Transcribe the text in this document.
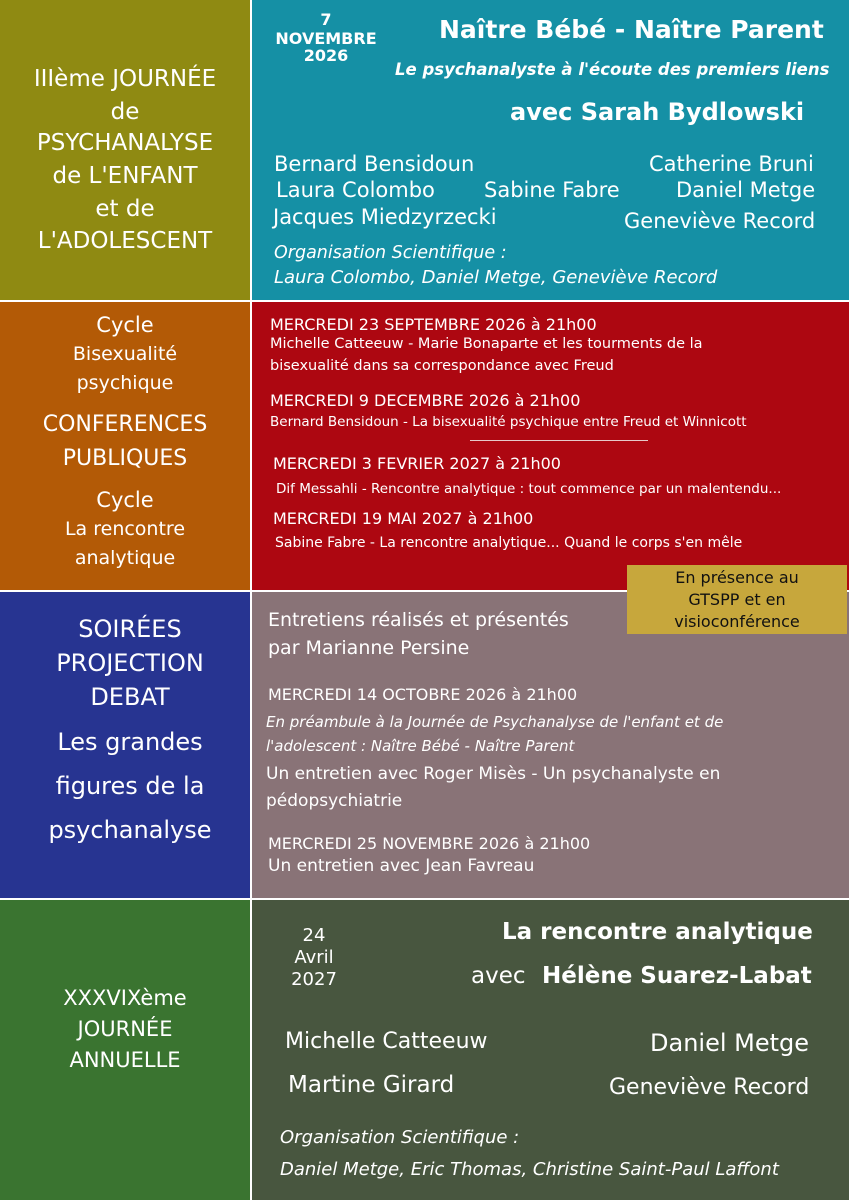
IIIème JOURNÉE
de
PSYCHANALYSE
de L'ENFANT
et de
L'ADOLESCENT
7
NOVEMBRE
2026
Naître Bébé - Naître Parent
Le psychanalyste à l'écoute des premiers liens
avec Sarah Bydlowski
Bernard Bensidoun	Catherine Bruni
Laura Colombo Sabine Fabre	Daniel Metge
Jacques Miedzyrzecki	Geneviève Record
Organisation Scientifique :
Laura Colombo, Daniel Metge, Geneviève Record
Cycle
Bisexualité
psychique
CONFERENCES
PUBLIQUES
Cycle
La rencontre
analytique
MERCREDI 23 SEPTEMBRE 2026 à 21h00
Michelle Catteeuw - Marie Bonaparte et les tourments de la
bisexualité dans sa correspondance avec Freud
MERCREDI 9 DECEMBRE 2026 à 21h00
Bernard Bensidoun - La bisexualité psychique entre Freud et Winnicott
MERCREDI 3 FEVRIER 2027 à 21h00
Dif Messahli - Rencontre analytique : tout commence par un malentendu...
MERCREDI 19 MAI 2027 à 21h00
Sabine Fabre - La rencontre analytique... Quand le corps s'en mêle
SOIRÉES
PROJECTION
DEBAT
Les grandes
figures de la
psychanalyse
Entretiens réalisés et présentés
par Marianne Persine
MERCREDI 14 OCTOBRE 2026 à 21h00
En préambule à la Journée de Psychanalyse de l'enfant et de
l'adolescent : Naître Bébé - Naître Parent
Un entretien avec Roger Misès - Un psychanalyste en
pédopsychiatrie
MERCREDI 25 NOVEMBRE 2026 à 21h00
Un entretien avec Jean Favreau
En présence au
GTSPP et en
visioconférence
XXXVIXème
JOURNÉE
ANNUELLE
24
Avril
2027
La rencontre analytique
avec Hélène Suarez-Labat
Michelle Catteeuw	Daniel Metge
Martine Girard	Geneviève Record
Organisation Scientifique :
Daniel Metge, Eric Thomas, Christine Saint-Paul Laffont
